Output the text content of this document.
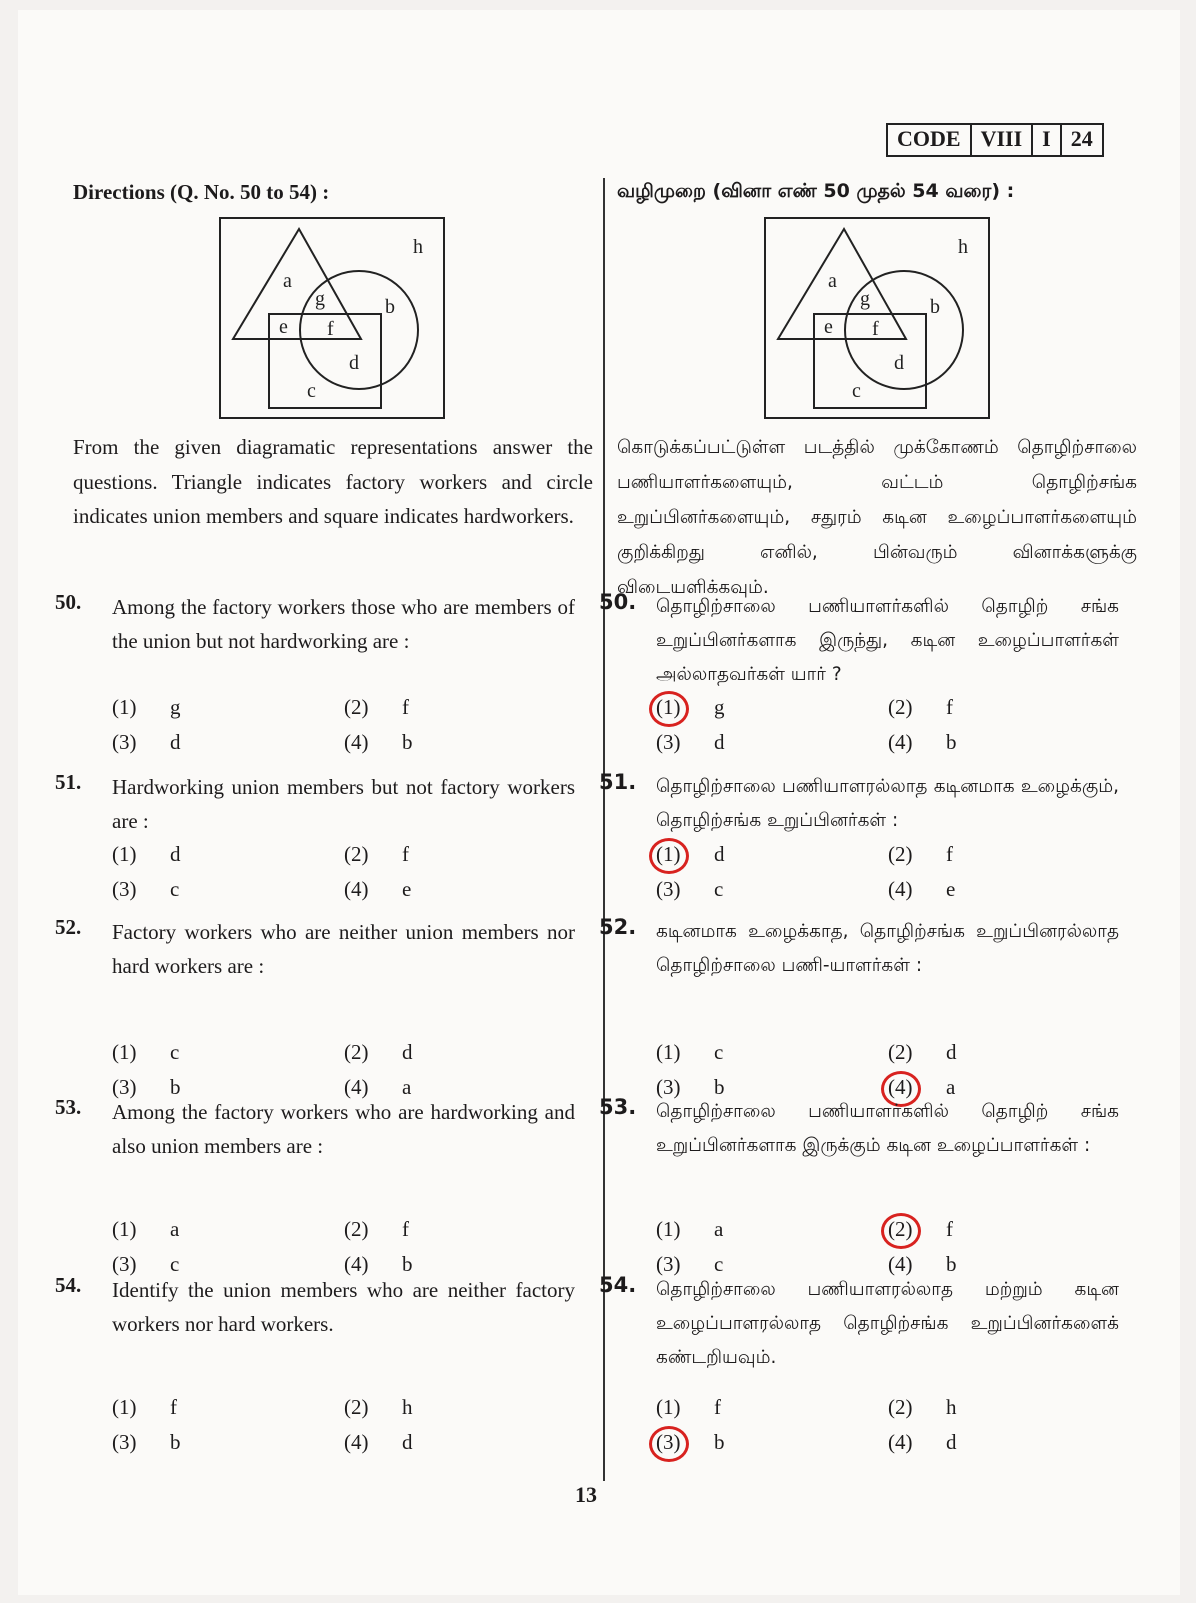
CODE VIII I 24
Directions (Q. No. 50 to 54) :
a
b
c
d
e f
g
h
From the given diagramatic representations answer the questions. Triangle indicates factory workers and circle indicates union members and square indicates hardworkers.
வழிமுறை (வினா எண் 50 முதல் 54 வரை) :
a
b
c
d
e f
g
h
கொடுக்கப்பட்டுள்ள படத்தில் முக்கோணம் தொழிற்சாலை பணியாளர்களையும், வட்டம் தொழிற்சங்க உறுப்பினர்களையும், சதுரம் கடின உழைப்பாளர்களையும் குறிக்கிறது எனில், பின்வரும் வினாக்களுக்கு விடையளிக்கவும்.
50. Among the factory workers those who are members of the union but not hardworking are :
(1) g	(2) f
(3) d	(4) b
51. Hardworking union members but not factory workers are :
(1) d	(2) f
(3) c	(4) e
52. Factory workers who are neither union members nor hard workers are :
(1) c	(2) d
(3) b	(4) a
53. Among the factory workers who are hardworking and also union members are :
(1) a	(2) f
(3) c	(4) b
54. Identify the union members who are neither factory workers nor hard workers.
(1) f	(2) h
(3) b	(4) d
50. தொழிற்சாலை பணியாளர்களில் தொழிற் சங்க உறுப்பினர்களாக இருந்து, கடின உழைப்பாளர்கள் அல்லாதவர்கள் யார் ?
(1) g	(2) f
(3) d	(4) b
51. தொழிற்சாலை பணியாளரல்லாத கடினமாக உழைக்கும், தொழிற்சங்க உறுப்பினர்கள் :
(1) d	(2) f
(3) c	(4) e
52. கடினமாக உழைக்காத, தொழிற்சங்க உறுப்பினரல்லாத தொழிற்சாலை பணி-யாளர்கள் :
(1) c	(2) d
(3) b	(4) a
53. தொழிற்சாலை பணியாளர்களில் தொழிற் சங்க உறுப்பினர்களாக இருக்கும் கடின உழைப்பாளர்கள் :
(1) a	(2) f
(3) c	(4) b
54. தொழிற்சாலை பணியாளரல்லாத மற்றும் கடின உழைப்பாளரல்லாத தொழிற்சங்க உறுப்பினர்களைக் கண்டறியவும்.
(1) f	(2) h
(3) b	(4) d
13
